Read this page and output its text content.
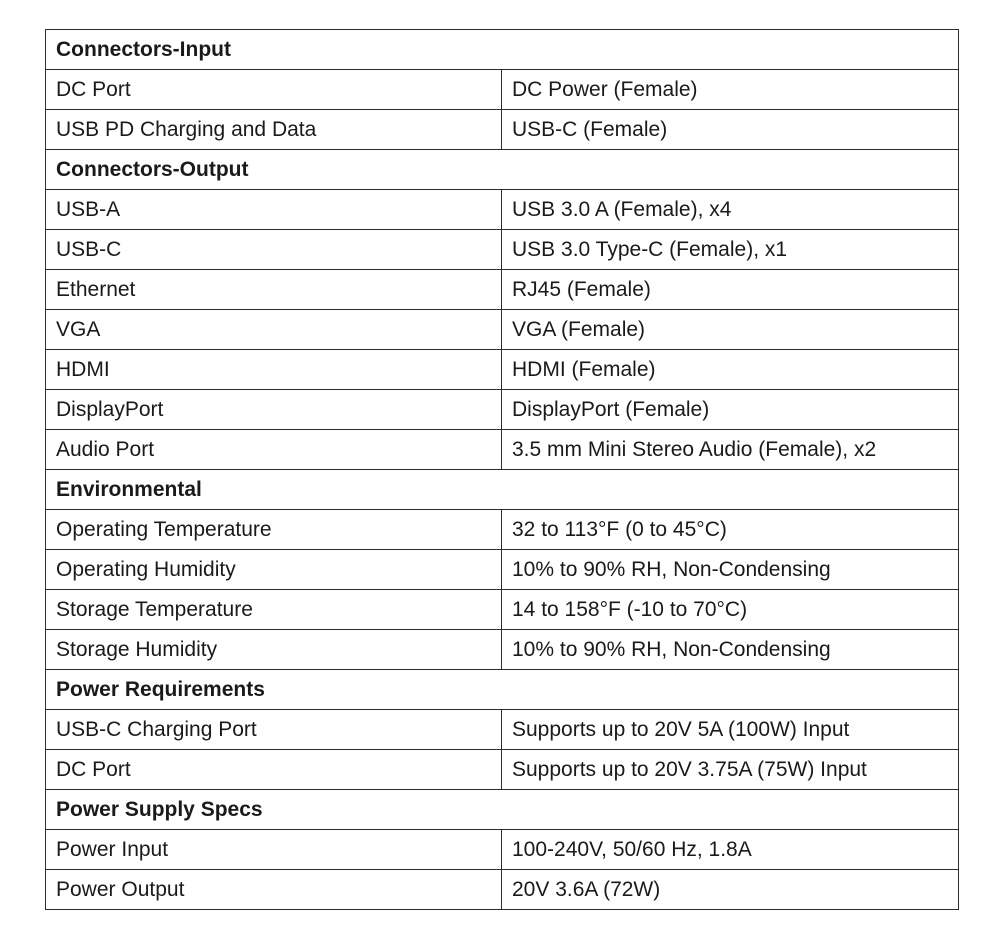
Connectors-Input	
DC Port	DC Power (Female)
USB PD Charging and Data	USB-C (Female)
Connectors-Output	
USB-A	USB 3.0 A (Female), x4
USB-C	USB 3.0 Type-C (Female), x1
Ethernet	RJ45 (Female)
VGA	VGA (Female)
HDMI	HDMI (Female)
DisplayPort	DisplayPort (Female)
Audio Port	3.5 mm Mini Stereo Audio (Female), x2
Environmental	
Operating Temperature	32 to 113°F (0 to 45°C)
Operating Humidity	10% to 90% RH, Non-Condensing
Storage Temperature	14 to 158°F (-10 to 70°C)
Storage Humidity	10% to 90% RH, Non-Condensing
Power Requirements	
USB-C Charging Port	Supports up to 20V 5A (100W) Input
DC Port	Supports up to 20V 3.75A (75W) Input
Power Supply Specs	
Power Input	100-240V, 50/60 Hz, 1.8A
Power Output	20V 3.6A (72W)
